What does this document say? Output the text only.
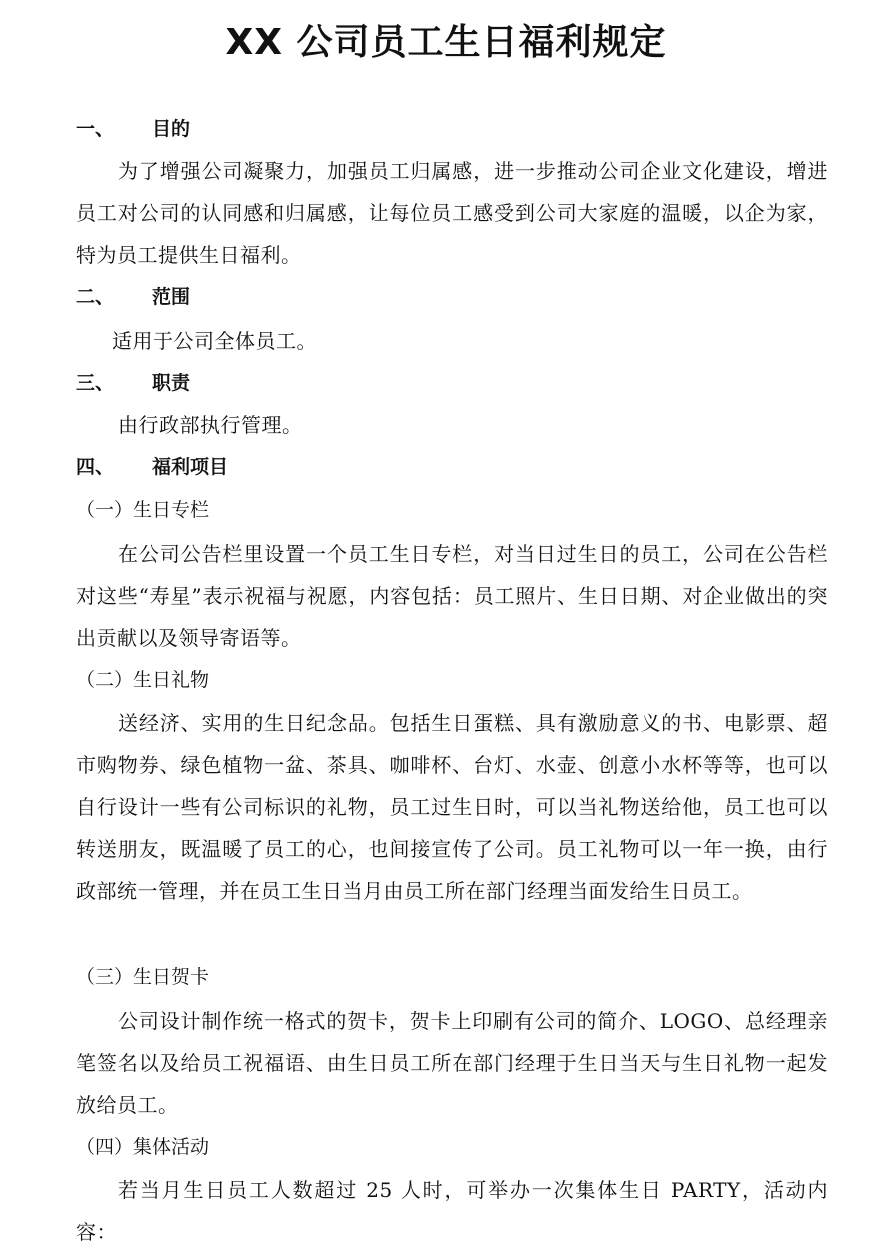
XX 公司员工生日福利规定
一、 目的
为了增强公司凝聚力，加强员工归属感，进一步推动公司企业文化建设，增进员工对公司的认同感和归属感，让每位员工感受到公司大家庭的温暖，以企为家，特为员工提供生日福利。
二、 范围
适用于公司全体员工。
三、 职责
由行政部执行管理。
四、 福利项目
（一）生日专栏
在公司公告栏里设置一个员工生日专栏，对当日过生日的员工，公司在公告栏对这些“寿星”表示祝福与祝愿，内容包括：员工照片、生日日期、对企业做出的突出贡献以及领导寄语等。
（二）生日礼物
送经济、实用的生日纪念品。包括生日蛋糕、具有激励意义的书、电影票、超市购物券、绿色植物一盆、茶具、咖啡杯、台灯、水壶、创意小水杯等等，也可以自行设计一些有公司标识的礼物，员工过生日时，可以当礼物送给他，员工也可以转送朋友，既温暖了员工的心，也间接宣传了公司。员工礼物可以一年一换，由行政部统一管理，并在员工生日当月由员工所在部门经理当面发给生日员工。
（三）生日贺卡
公司设计制作统一格式的贺卡，贺卡上印刷有公司的简介、LOGO、总经理亲笔签名以及给员工祝福语、由生日员工所在部门经理于生日当天与生日礼物一起发放给员工。
（四）集体活动
若当月生日员工人数超过 25 人时，可举办一次集体生日 PARTY，活动内容：
